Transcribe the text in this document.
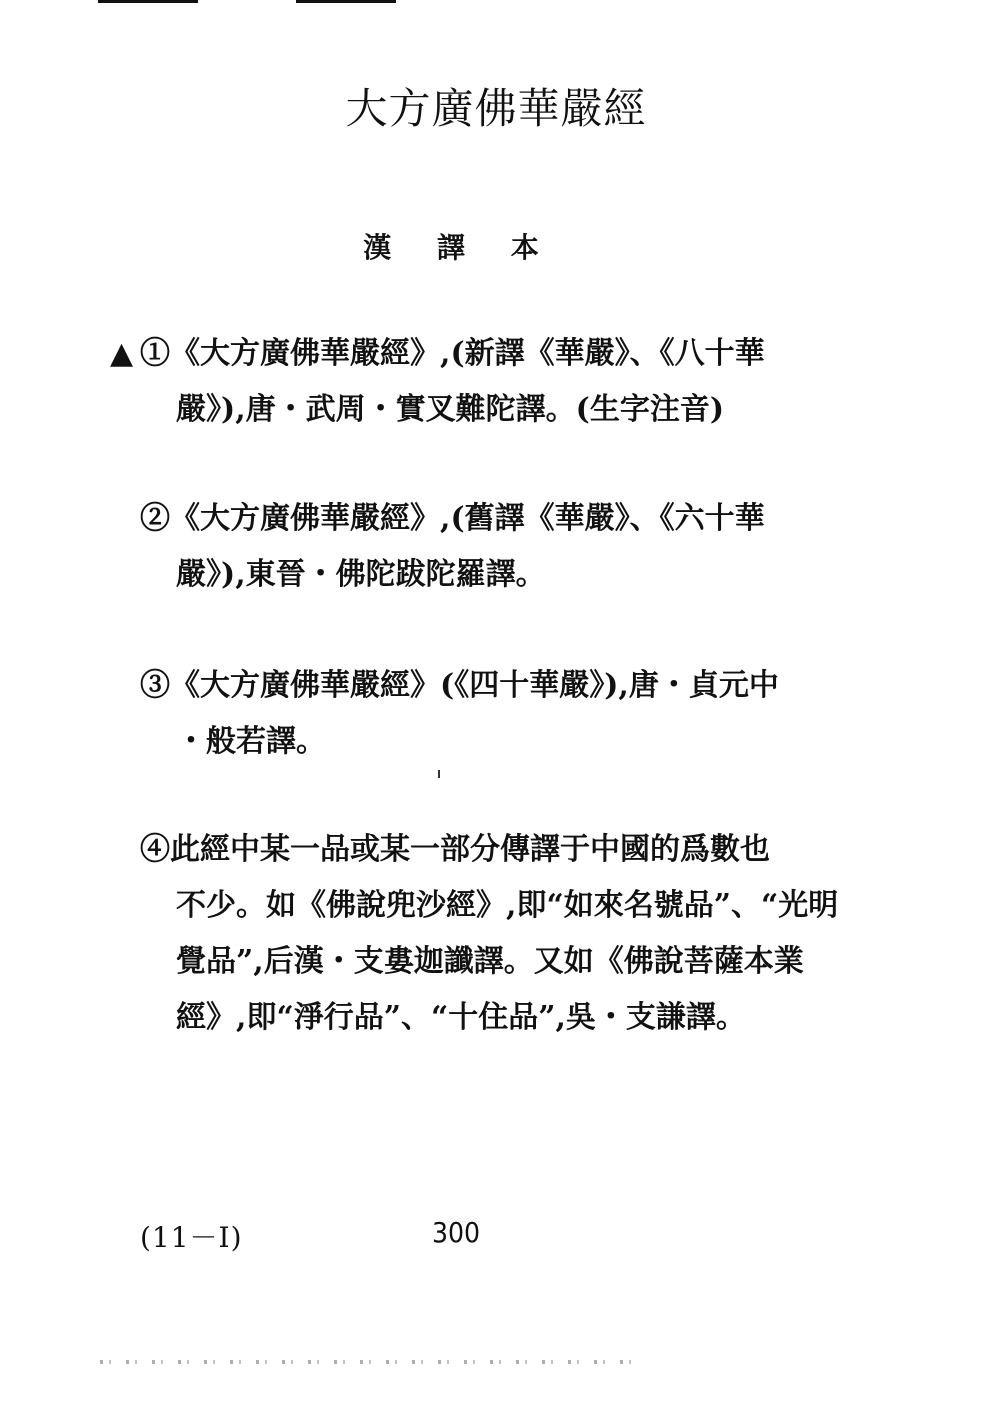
大方廣佛華嚴經
漢 譯 本
▲ ①《大方廣佛華嚴經》,(新譯《華嚴》、《八十華
嚴》),唐・武周・實叉難陀譯。(生字注音)
②《大方廣佛華嚴經》,(舊譯《華嚴》、《六十華
嚴》),東晉・佛陀跋陀羅譯。
③《大方廣佛華嚴經》(《四十華嚴》),唐・貞元中
・般若譯。
④此經中某一品或某一部分傳譯于中國的爲數也
不少。如《佛說兜沙經》,即“如來名號品”、“光明
覺品”,后漢・支婁迦讖譯。又如《佛說菩薩本業
經》,即“淨行品”、“十住品”,吳・支謙譯。
(11－Ⅰ)	300
